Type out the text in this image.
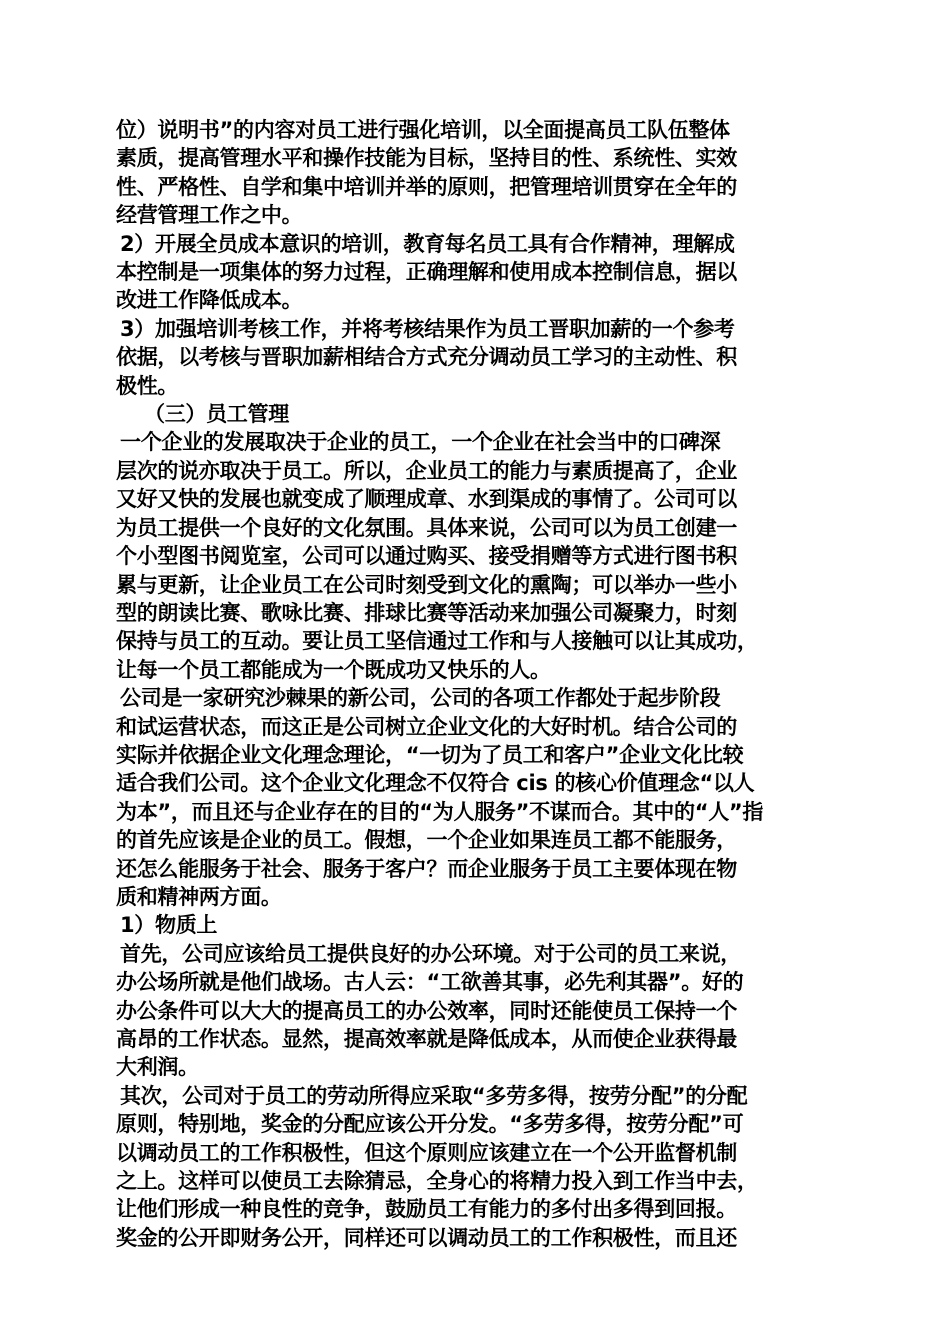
位）说明书”的内容对员工进行强化培训，以全面提高员工队伍整体
素质，提高管理水平和操作技能为目标，坚持目的性、系统性、实效
性、严格性、自学和集中培训并举的原则，把管理培训贯穿在全年的
经营管理工作之中。
2）开展全员成本意识的培训，教育每名员工具有合作精神，理解成
本控制是一项集体的努力过程，正确理解和使用成本控制信息，据以
改进工作降低成本。
3）加强培训考核工作，并将考核结果作为员工晋职加薪的一个参考
依据，以考核与晋职加薪相结合方式充分调动员工学习的主动性、积
极性。
（三）员工管理
一个企业的发展取决于企业的员工，一个企业在社会当中的口碑深
层次的说亦取决于员工。所以，企业员工的能力与素质提高了，企业
又好又快的发展也就变成了顺理成章、水到渠成的事情了。公司可以
为员工提供一个良好的文化氛围。具体来说，公司可以为员工创建一
个小型图书阅览室，公司可以通过购买、接受捐赠等方式进行图书积
累与更新，让企业员工在公司时刻受到文化的熏陶；可以举办一些小
型的朗读比赛、歌咏比赛、排球比赛等活动来加强公司凝聚力，时刻
保持与员工的互动。要让员工坚信通过工作和与人接触可以让其成功，
让每一个员工都能成为一个既成功又快乐的人。
公司是一家研究沙棘果的新公司，公司的各项工作都处于起步阶段
和试运营状态，而这正是公司树立企业文化的大好时机。结合公司的
实际并依据企业文化理念理论，“一切为了员工和客户”企业文化比较
适合我们公司。这个企业文化理念不仅符合 cis 的核心价值理念“以人
为本”，而且还与企业存在的目的“为人服务”不谋而合。其中的“人”指
的首先应该是企业的员工。假想，一个企业如果连员工都不能服务，
还怎么能服务于社会、服务于客户？而企业服务于员工主要体现在物
质和精神两方面。
1）物质上
首先，公司应该给员工提供良好的办公环境。对于公司的员工来说，
办公场所就是他们战场。古人云：“工欲善其事，必先利其器”。好的
办公条件可以大大的提高员工的办公效率，同时还能使员工保持一个
高昂的工作状态。显然，提高效率就是降低成本，从而使企业获得最
大利润。
其次，公司对于员工的劳动所得应采取“多劳多得，按劳分配”的分配
原则，特别地，奖金的分配应该公开分发。“多劳多得，按劳分配”可
以调动员工的工作积极性，但这个原则应该建立在一个公开监督机制
之上。这样可以使员工去除猜忌，全身心的将精力投入到工作当中去，
让他们形成一种良性的竞争，鼓励员工有能力的多付出多得到回报。
奖金的公开即财务公开，同样还可以调动员工的工作积极性，而且还
